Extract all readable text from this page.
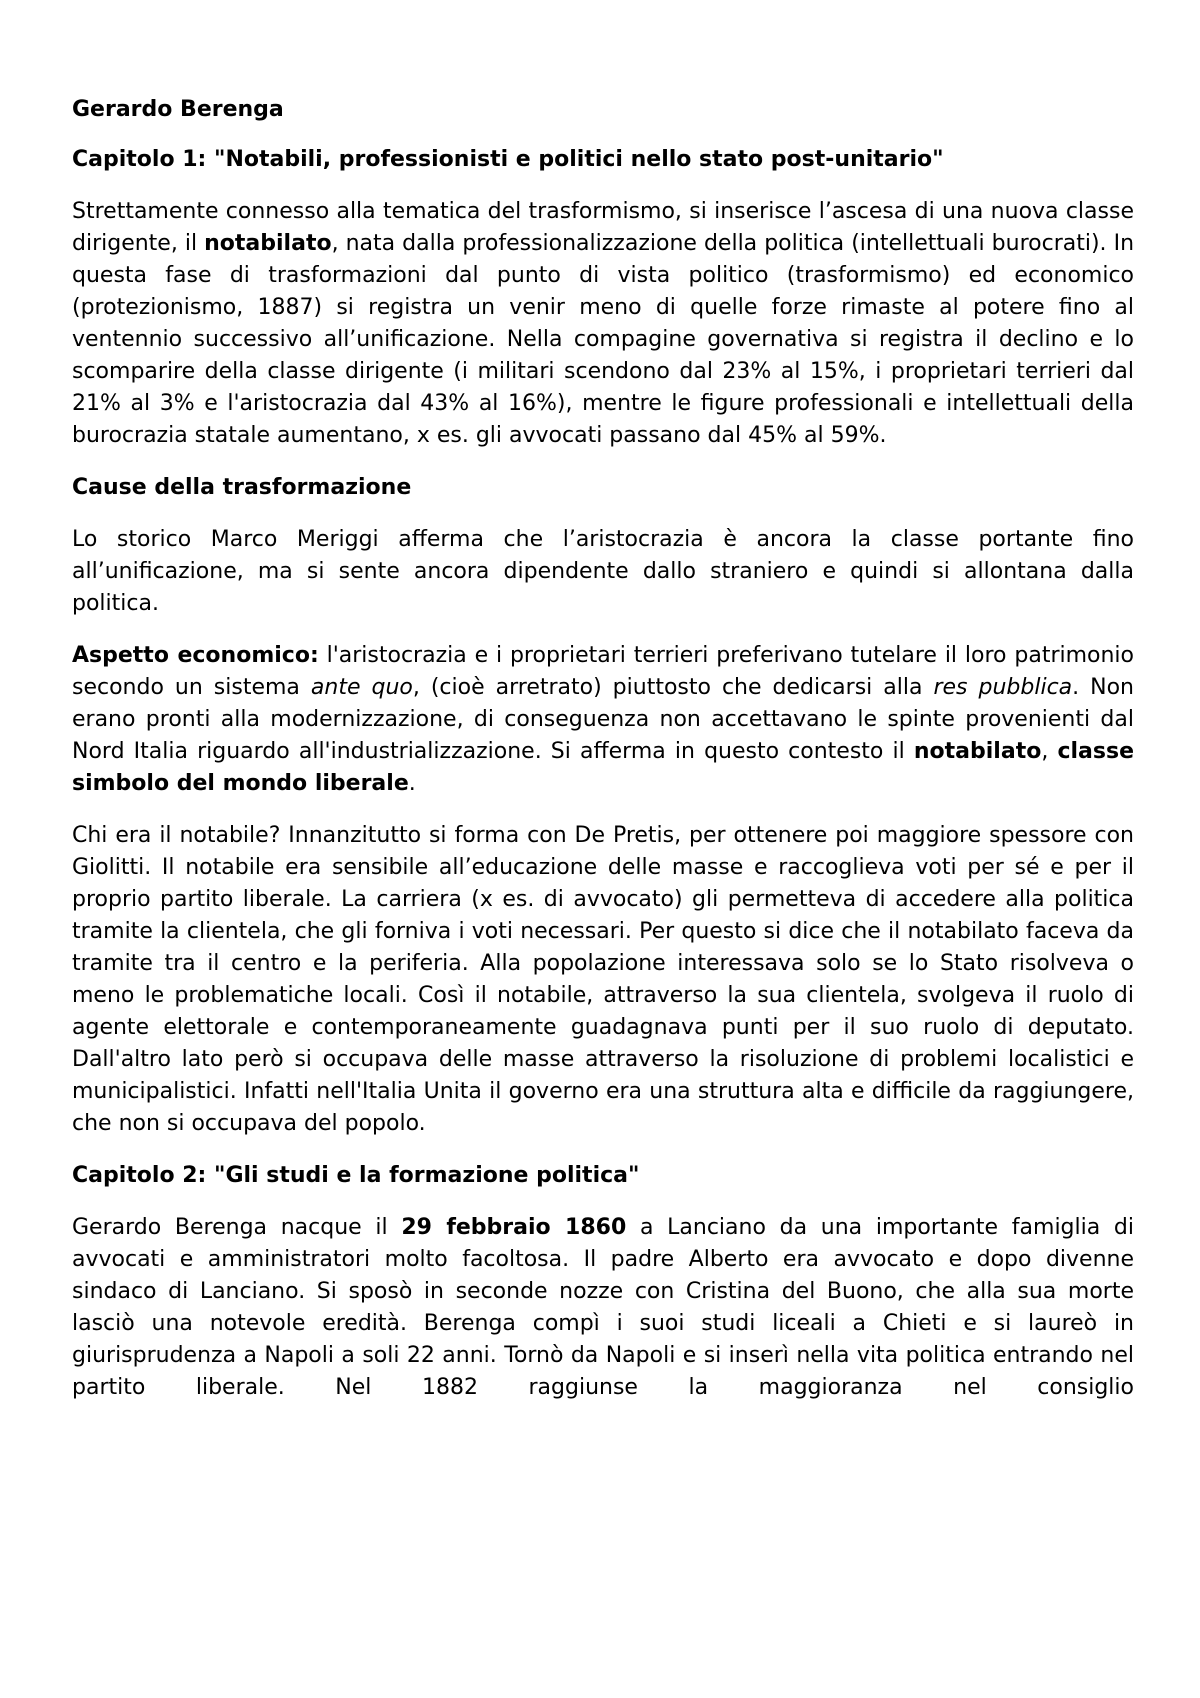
Gerardo Berenga
Capitolo 1: "Notabili, professionisti e politici nello stato post-unitario"

Strettamente connesso alla tematica del trasformismo, si inserisce l’ascesa di una nuova classe dirigente, il notabilato, nata dalla professionalizzazione della politica (intellettuali burocrati). In questa fase di trasformazioni dal punto di vista politico (trasformismo) ed economico (protezionismo, 1887) si registra un venir meno di quelle forze rimaste al potere fino al ventennio successivo all’unificazione. Nella compagine governativa si registra il declino e lo scomparire della classe dirigente (i militari scendono dal 23% al 15%, i proprietari terrieri dal 21% al 3% e l'aristocrazia dal 43% al 16%), mentre le figure professionali e intellettuali della burocrazia statale aumentano, x es. gli avvocati passano dal 45% al 59%.

Cause della trasformazione

Lo storico Marco Meriggi afferma che l’aristocrazia è ancora la classe portante fino all’unificazione, ma si sente ancora dipendente dallo straniero e quindi si allontana dalla politica.

Aspetto economico: l'aristocrazia e i proprietari terrieri preferivano tutelare il loro patrimonio secondo un sistema ante quo, (cioè arretrato) piuttosto che dedicarsi alla res pubblica. Non erano pronti alla modernizzazione, di conseguenza non accettavano le spinte provenienti dal Nord Italia riguardo all'industrializzazione. Si afferma in questo contesto il notabilato, classe simbolo del mondo liberale.

Chi era il notabile? Innanzitutto si forma con De Pretis, per ottenere poi maggiore spessore con Giolitti. Il notabile era sensibile all’educazione delle masse e raccoglieva voti per sé e per il proprio partito liberale. La carriera (x es. di avvocato) gli permetteva di accedere alla politica tramite la clientela, che gli forniva i voti necessari. Per questo si dice che il notabilato faceva da tramite tra il centro e la periferia. Alla popolazione interessava solo se lo Stato risolveva o meno le problematiche locali. Così il notabile, attraverso la sua clientela, svolgeva il ruolo di agente elettorale e contemporaneamente guadagnava punti per il suo ruolo di deputato. Dall'altro lato però si occupava delle masse attraverso la risoluzione di problemi localistici e municipalistici. Infatti nell'Italia Unita il governo era una struttura alta e difficile da raggiungere, che non si occupava del popolo.

Capitolo 2: "Gli studi e la formazione politica"

Gerardo Berenga nacque il 29 febbraio 1860 a Lanciano da una importante famiglia di avvocati e amministratori molto facoltosa. Il padre Alberto era avvocato e dopo divenne sindaco di Lanciano. Si sposò in seconde nozze con Cristina del Buono, che alla sua morte lasciò una notevole eredità. Berenga compì i suoi studi liceali a Chieti e si laureò in giurisprudenza a Napoli a soli 22 anni. Tornò da Napoli e si inserì nella vita politica entrando nel partito liberale. Nel 1882 raggiunse la maggioranza nel consiglio
